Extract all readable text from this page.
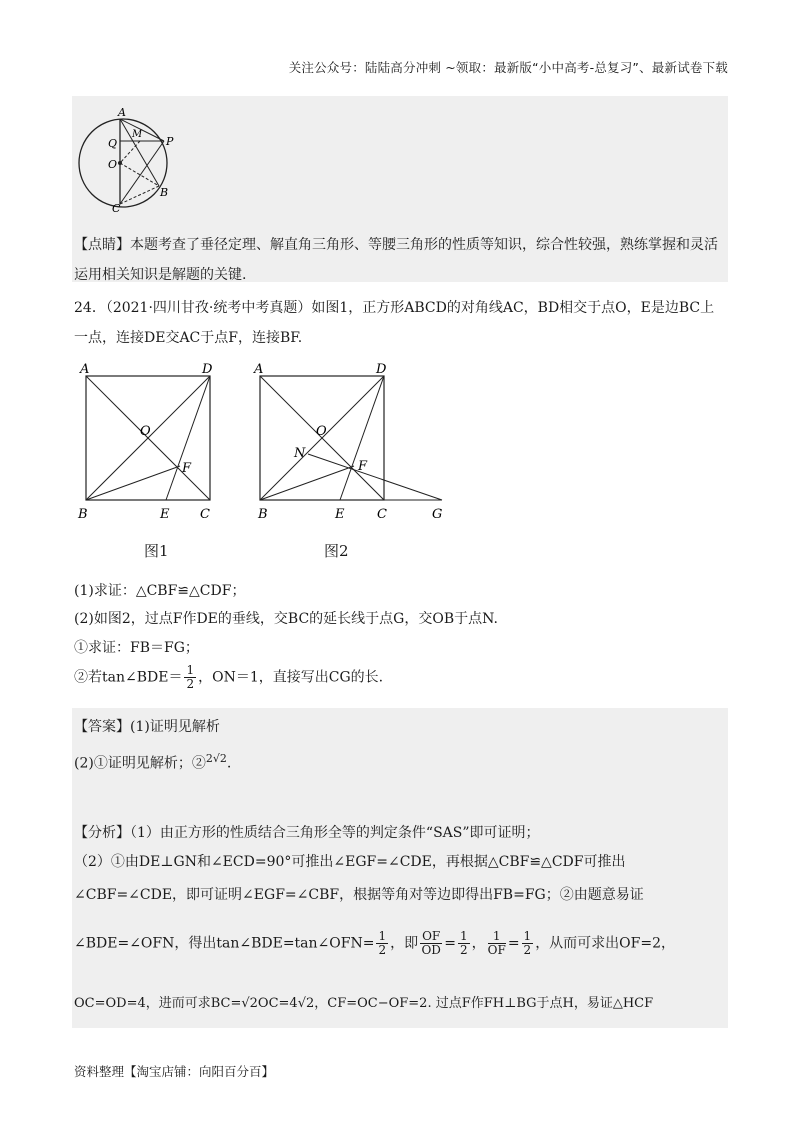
关注公众号：陆陆高分冲刺 ~领取：最新版“小中高考-总复习”、最新试卷下载
A
M
P
Q
O
C
B
【点睛】本题考查了垂径定理、解直角三角形、等腰三角形的性质等知识，综合性较强，熟练掌握和灵活
运用相关知识是解题的关键.
24．（2021·四川甘孜·统考中考真题）如图1，正方形ABCD的对角线AC，BD相交于点O，E是边BC上
一点，连接DE交AC于点F，连接BF.
A	D
O
F
B	E C
A	D
O
N
F
B	E	C	G
图1	图2
(1)求证：△CBF≌△CDF；
(2)如图2，过点F作DE的垂线，交BC的延长线于点G，交OB于点N.
①求证：FB＝FG；
②若tan∠BDE＝ $\frac{1}{2}$ ，ON＝1，直接写出CG的长.
【答案】(1)证明见解析
(2)①证明见解析；②$^{2√2}$.
【分析】（1）由正方形的性质结合三角形全等的判定条件“SAS”即可证明；
（2）①由DE⊥GN和∠ECD=90°可推出∠EGF=∠CDE，再根据△CBF≌△CDF可推出
∠CBF=∠CDE，即可证明∠EGF=∠CBF，根据等角对等边即得出FB=FG；②由题意易证
∠BDE=∠OFN，得出tan∠BDE=tan∠OFN= $\frac{1}{2}$ ，即 $\frac{OF}{OD} = \frac{1}{2}$ ， $\frac{1}{OF} = \frac{1}{2}$ ，从而可求出OF=2，
OC=OD=4，进而可求BC=√2OC=4√2，CF=OC−OF=2. 过点F作FH⊥BG于点H，易证△HCF
资料整理【淘宝店铺：向阳百分百】
